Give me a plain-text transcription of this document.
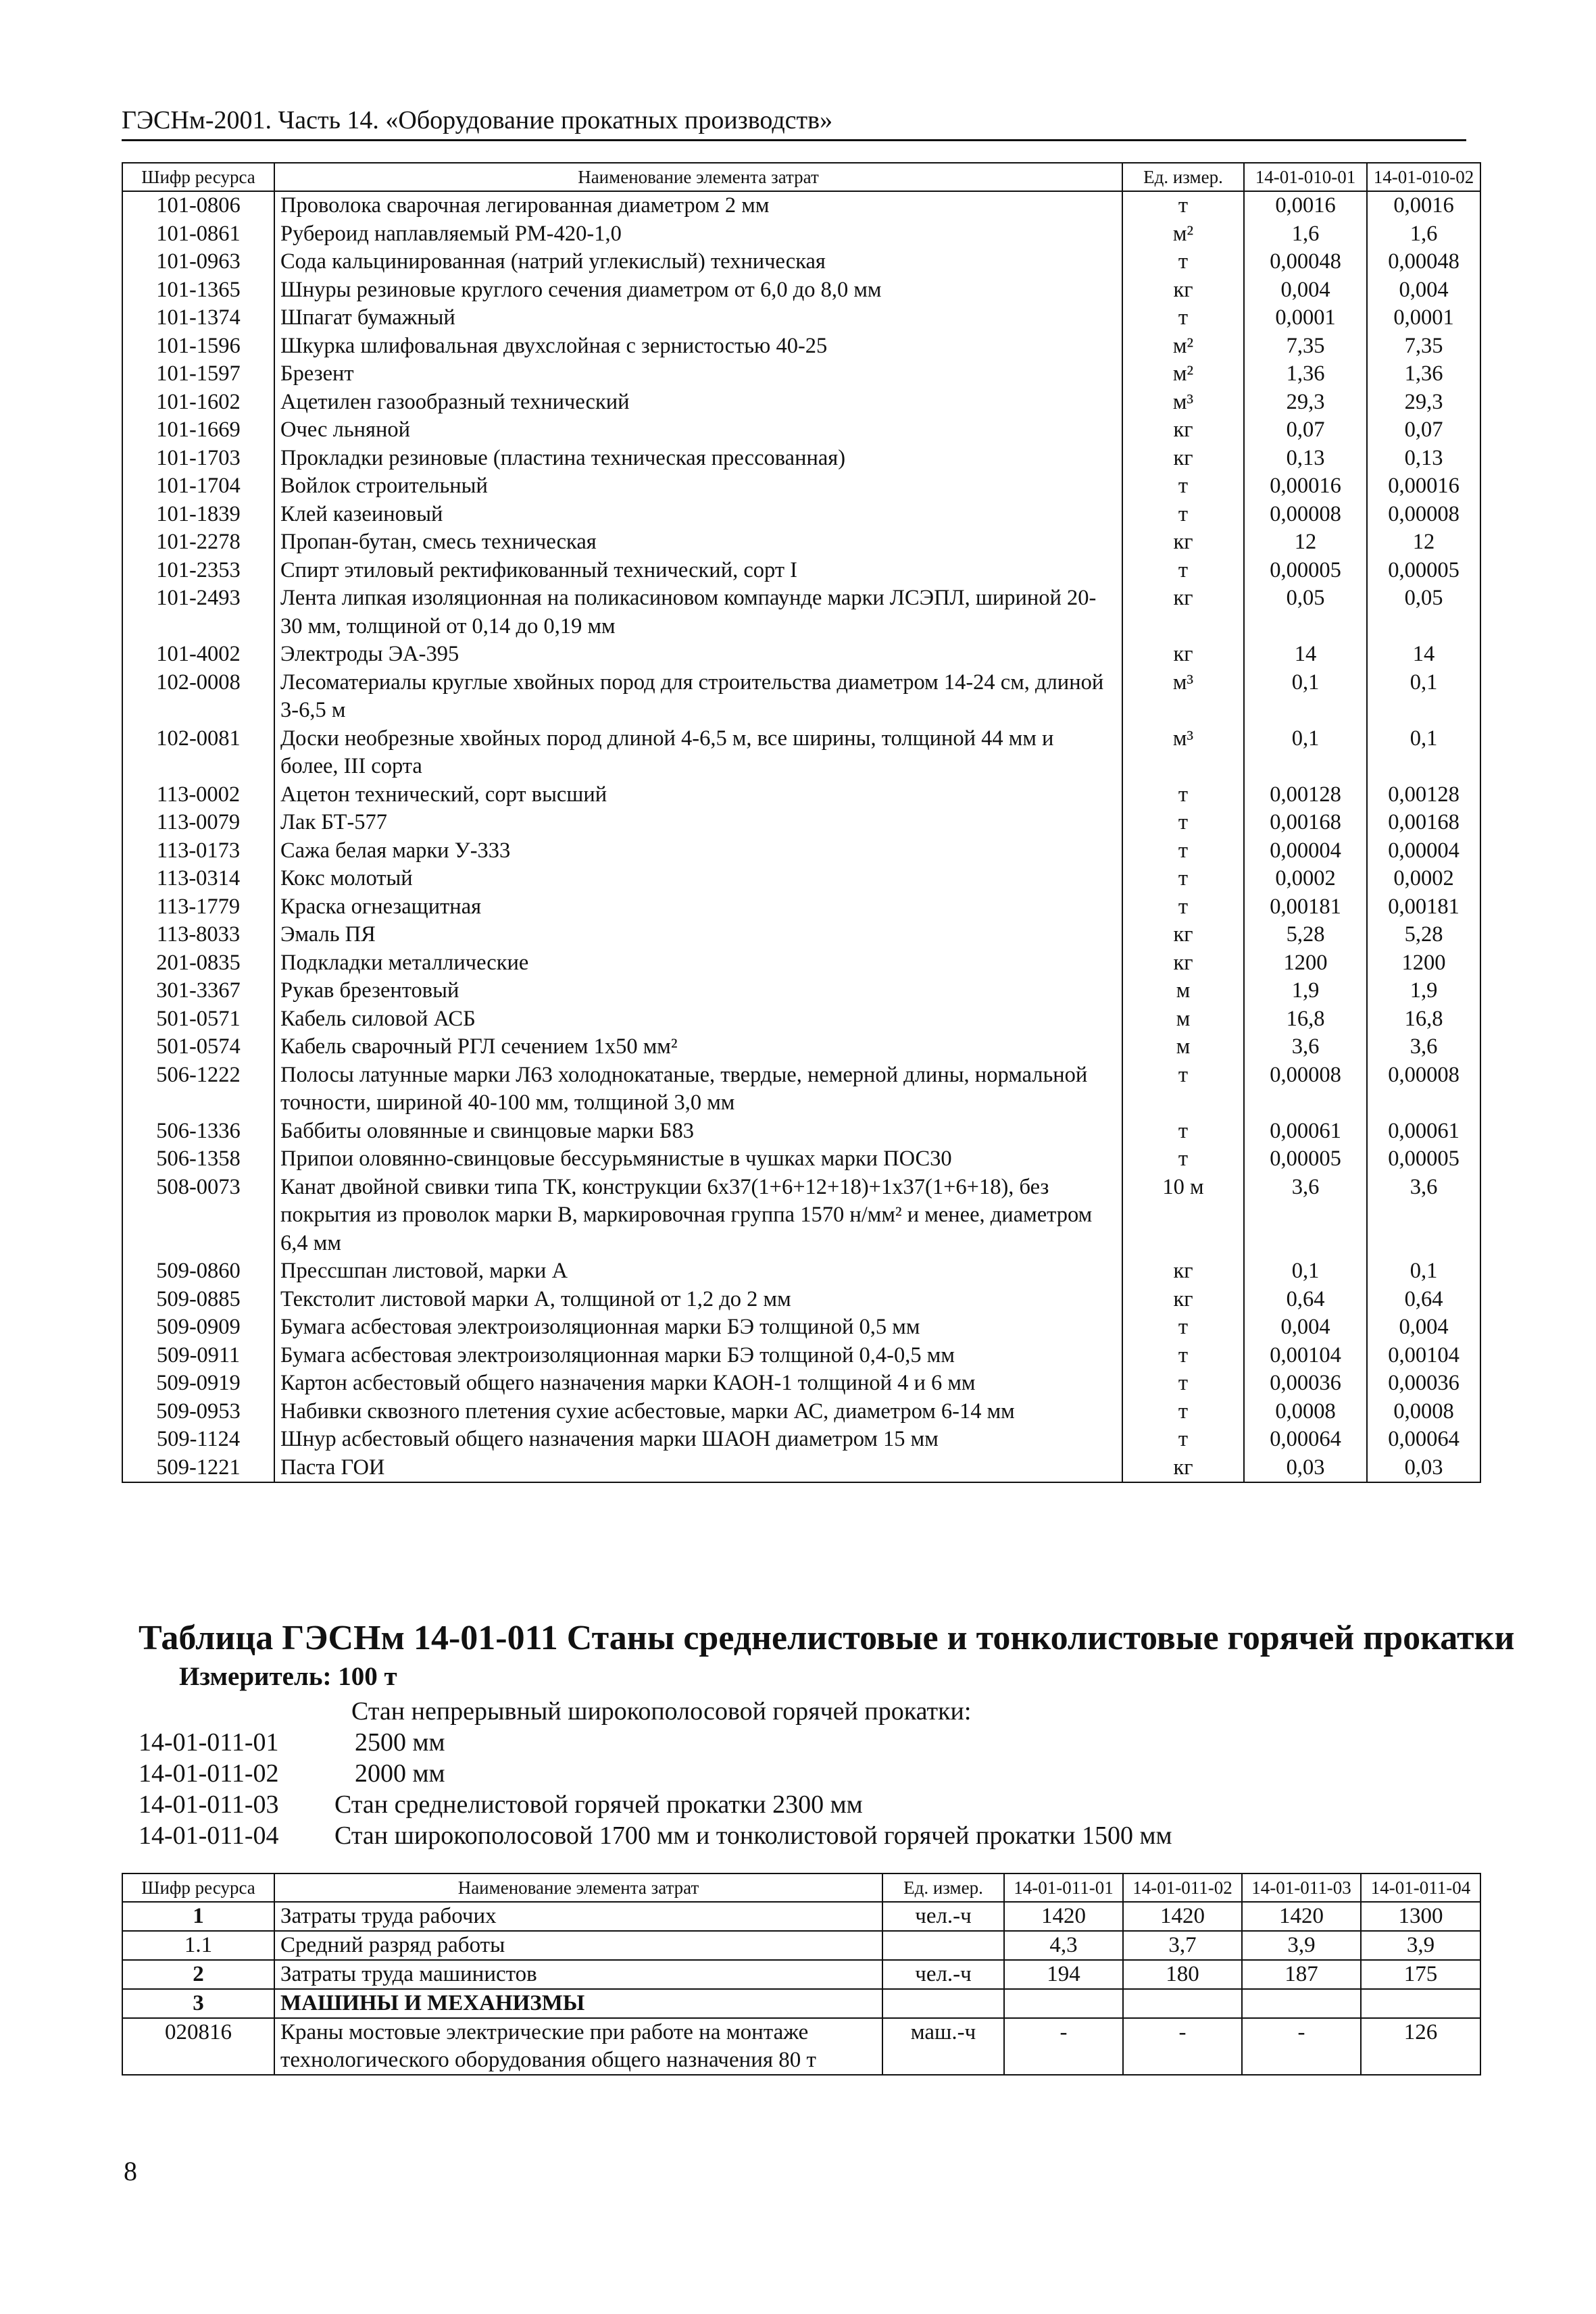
ГЭСНм-2001. Часть 14. «Оборудование прокатных производств»
Шифр ресурса	Наименование элемента затрат	Ед. измер.	14-01-010-01	14-01-010-02
101-0806	Проволока сварочная легированная диаметром 2 мм	т	0,0016	0,0016
101-0861	Рубероид наплавляемый РМ-420-1,0	м²	1,6	1,6
101-0963	Сода кальцинированная (натрий углекислый) техническая	т	0,00048	0,00048
101-1365	Шнуры резиновые круглого сечения диаметром от 6,0 до 8,0 мм	кг	0,004	0,004
101-1374	Шпагат бумажный	т	0,0001	0,0001
101-1596	Шкурка шлифовальная двухслойная с зернистостью 40-25	м²	7,35	7,35
101-1597	Брезент	м²	1,36	1,36
101-1602	Ацетилен газообразный технический	м³	29,3	29,3
101-1669	Очес льняной	кг	0,07	0,07
101-1703	Прокладки резиновые (пластина техническая прессованная)	кг	0,13	0,13
101-1704	Войлок строительный	т	0,00016	0,00016
101-1839	Клей казеиновый	т	0,00008	0,00008
101-2278	Пропан-бутан, смесь техническая	кг	12	12
101-2353	Спирт этиловый ректификованный технический, сорт I	т	0,00005	0,00005
101-2493	Лента липкая изоляционная на поликасиновом компаунде марки ЛСЭПЛ, шириной 20-30 мм, толщиной от 0,14 до 0,19 мм	кг	0,05	0,05
101-4002	Электроды ЭА-395	кг	14	14
102-0008	Лесоматериалы круглые хвойных пород для строительства диаметром 14-24 см, длиной 3-6,5 м	м³	0,1	0,1
102-0081	Доски необрезные хвойных пород длиной 4-6,5 м, все ширины, толщиной 44 мм и более, III сорта	м³	0,1	0,1
113-0002	Ацетон технический, сорт высший	т	0,00128	0,00128
113-0079	Лак БТ-577	т	0,00168	0,00168
113-0173	Сажа белая марки У-333	т	0,00004	0,00004
113-0314	Кокс молотый	т	0,0002	0,0002
113-1779	Краска огнезащитная	т	0,00181	0,00181
113-8033	Эмаль ПЯ	кг	5,28	5,28
201-0835	Подкладки металлические	кг	1200	1200
301-3367	Рукав брезентовый	м	1,9	1,9
501-0571	Кабель силовой АСБ	м	16,8	16,8
501-0574	Кабель сварочный РГЛ сечением 1х50 мм²	м	3,6	3,6
506-1222	Полосы латунные марки Л63 холоднокатаные, твердые, немерной длины, нормальной точности, шириной 40-100 мм, толщиной 3,0 мм	т	0,00008	0,00008
506-1336	Баббиты оловянные и свинцовые марки Б83	т	0,00061	0,00061
506-1358	Припои оловянно-свинцовые бессурьмянистые в чушках марки ПОС30	т	0,00005	0,00005
508-0073	Канат двойной свивки типа ТК, конструкции 6х37(1+6+12+18)+1х37(1+6+18), без покрытия из проволок марки В, маркировочная группа 1570 н/мм² и менее, диаметром 6,4 мм	10 м	3,6	3,6
509-0860	Прессшпан листовой, марки А	кг	0,1	0,1
509-0885	Текстолит листовой марки А, толщиной от 1,2 до 2 мм	кг	0,64	0,64
509-0909	Бумага асбестовая электроизоляционная марки БЭ толщиной 0,5 мм	т	0,004	0,004
509-0911	Бумага асбестовая электроизоляционная марки БЭ толщиной 0,4-0,5 мм	т	0,00104	0,00104
509-0919	Картон асбестовый общего назначения марки КАОН-1 толщиной 4 и 6 мм	т	0,00036	0,00036
509-0953	Набивки сквозного плетения сухие асбестовые, марки АС, диаметром 6-14 мм	т	0,0008	0,0008
509-1124	Шнур асбестовый общего назначения марки ШАОН диаметром 15 мм	т	0,00064	0,00064
509-1221	Паста ГОИ	кг	0,03	0,03
Таблица ГЭСНм 14-01-011 Станы среднелистовые и тонколистовые горячей прокатки
Измеритель: 100 т
Стан непрерывный широкополосовой горячей прокатки:
14-01-011-01	2500 мм
14-01-011-02	2000 мм
14-01-011-03 Стан среднелистовой горячей прокатки 2300 мм
14-01-011-04 Стан широкополосовой 1700 мм и тонколистовой горячей прокатки 1500 мм
Шифр ресурса	Наименование элемента затрат	Ед. измер.	14-01-011-01	14-01-011-02	14-01-011-03	14-01-011-04
1	Затраты труда рабочих	чел.-ч	1420	1420	1420	1300
1.1	Средний разряд работы		4,3	3,7	3,9	3,9
2	Затраты труда машинистов	чел.-ч	194	180	187	175
3	МАШИНЫ И МЕХАНИЗМЫ					
020816	Краны мостовые электрические при работе на монтаже технологического оборудования общего назначения 80 т	маш.-ч	-	-	-	126
8
